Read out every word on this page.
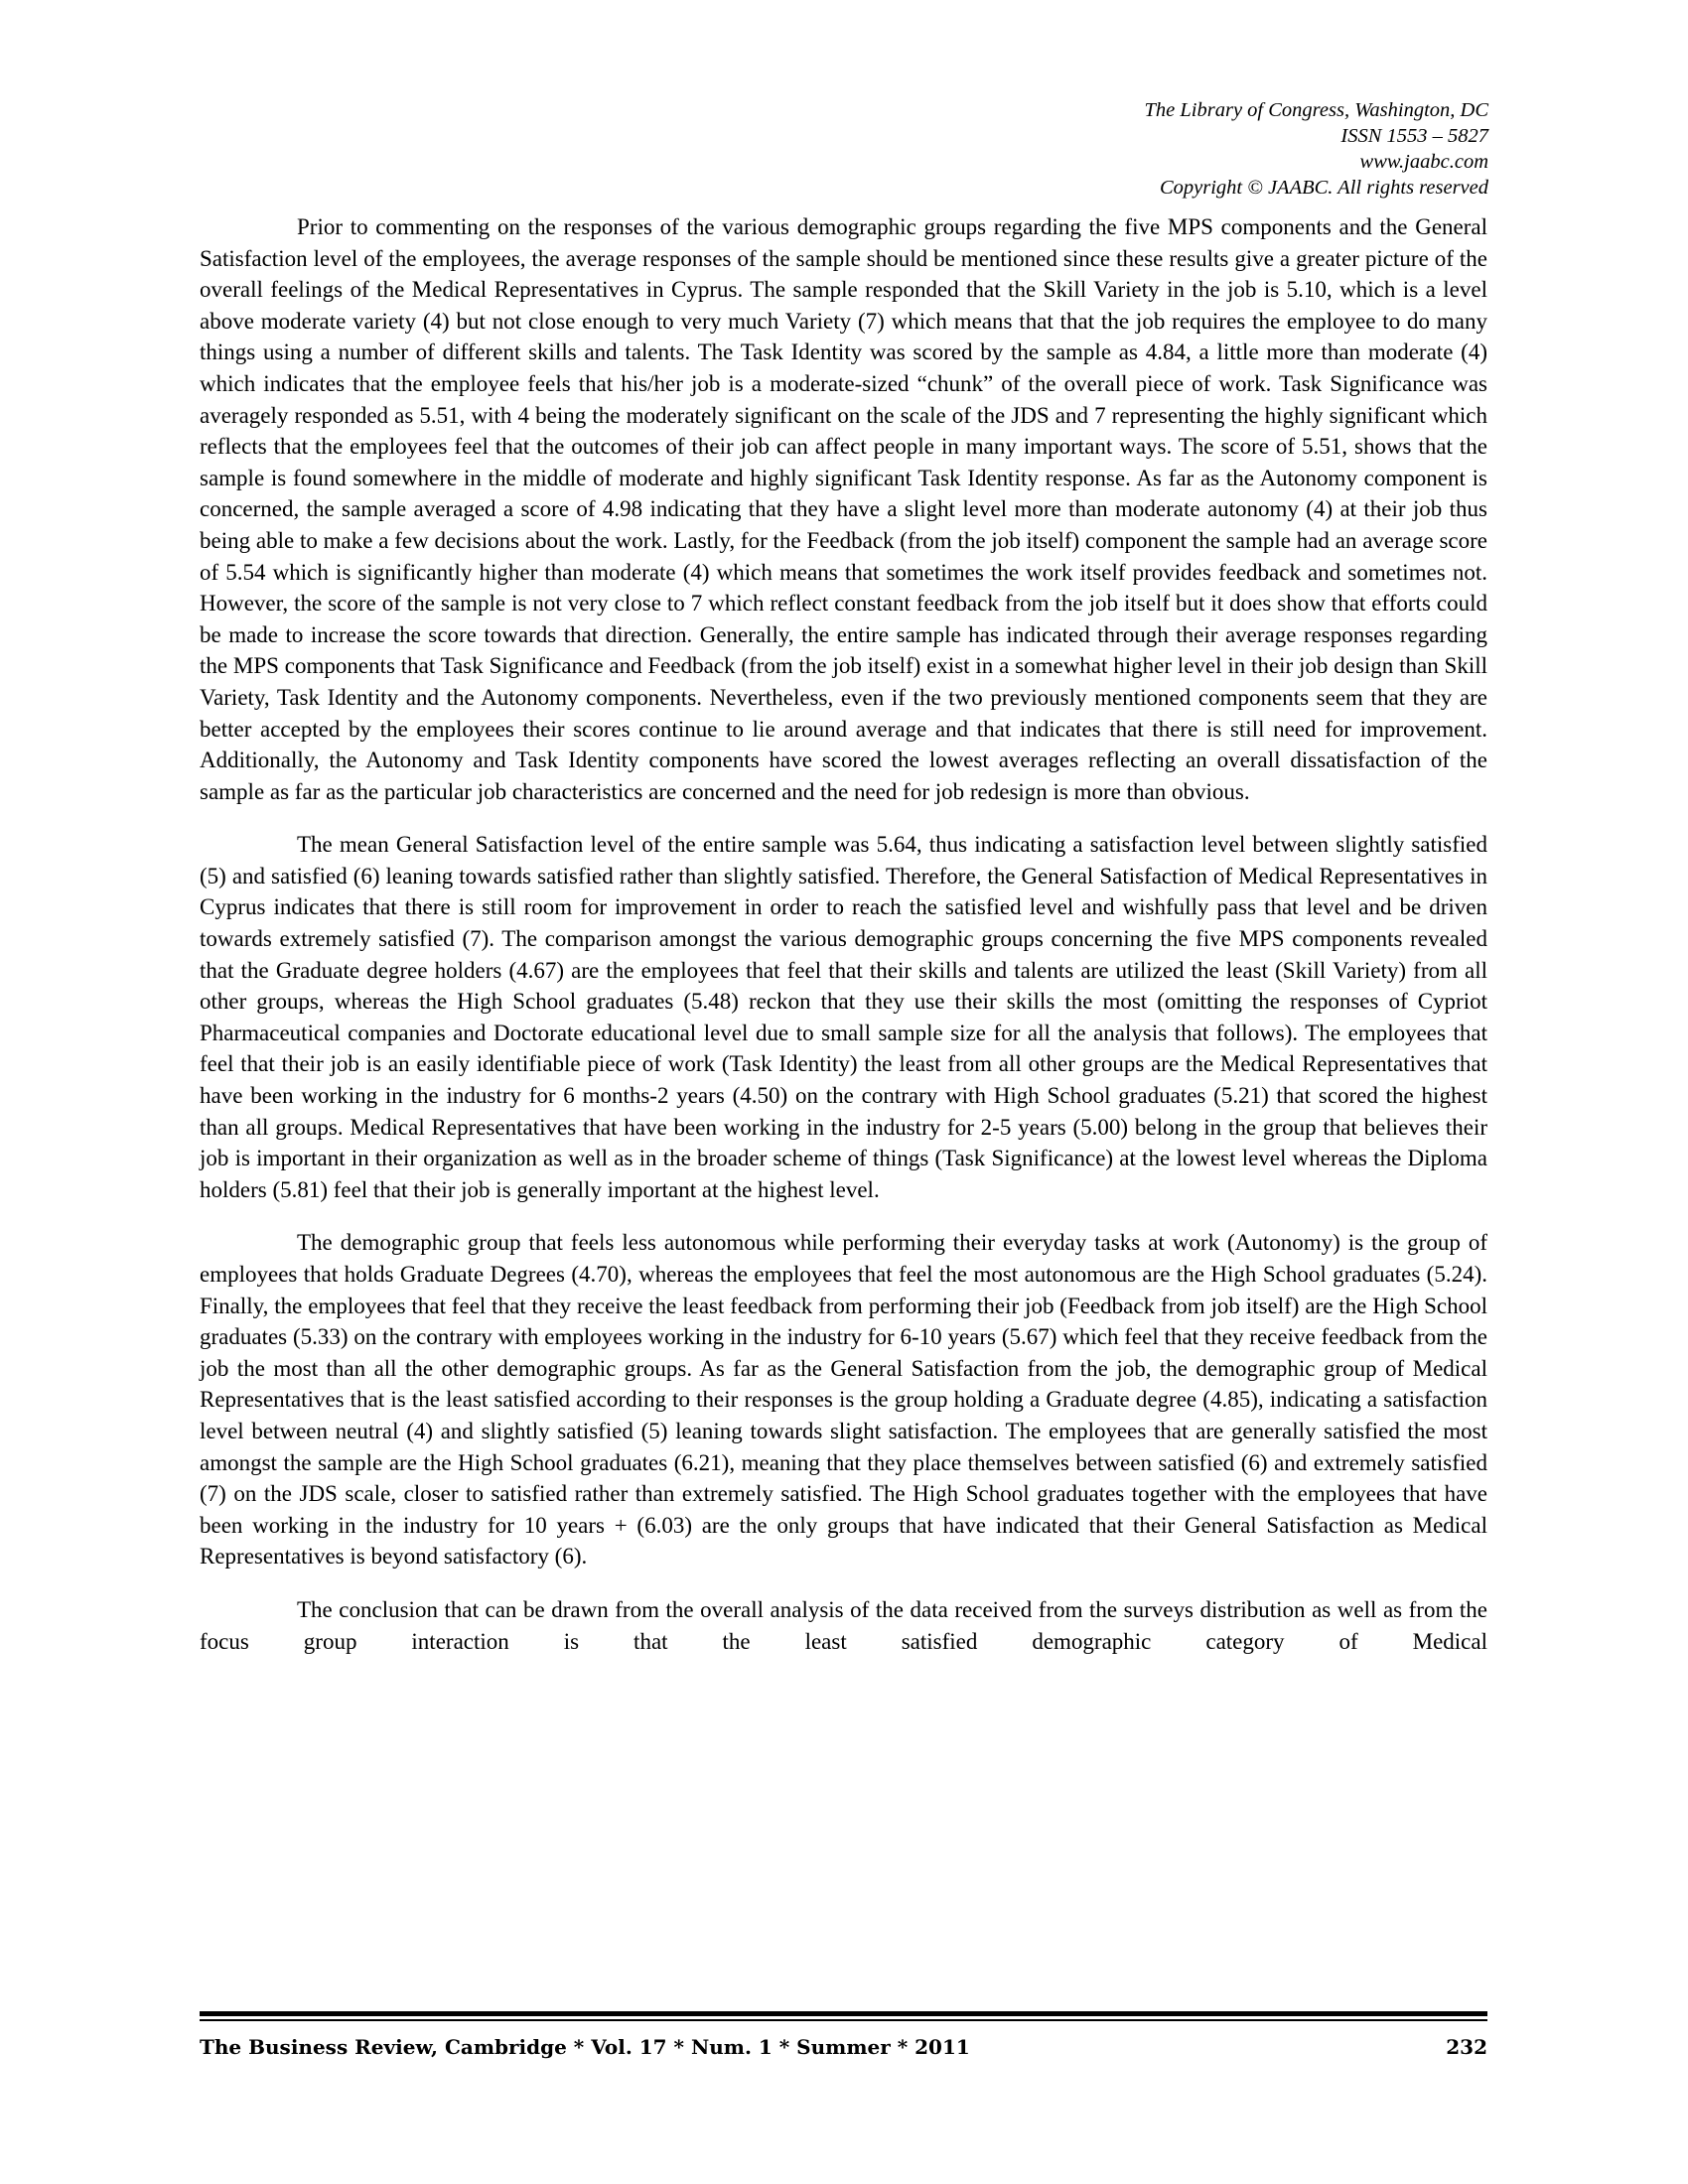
The Library of Congress, Washington, DC
ISSN 1553 – 5827
www.jaabc.com
Copyright © JAABC. All rights reserved

Prior to commenting on the responses of the various demographic groups regarding the five MPS components and the General Satisfaction level of the employees, the average responses of the sample should be mentioned since these results give a greater picture of the overall feelings of the Medical Representatives in Cyprus. The sample responded that the Skill Variety in the job is 5.10, which is a level above moderate variety (4) but not close enough to very much Variety (7) which means that that the job requires the employee to do many things using a number of different skills and talents. The Task Identity was scored by the sample as 4.84, a little more than moderate (4) which indicates that the employee feels that his/her job is a moderate-sized “chunk” of the overall piece of work. Task Significance was averagely responded as 5.51, with 4 being the moderately significant on the scale of the JDS and 7 representing the highly significant which reflects that the employees feel that the outcomes of their job can affect people in many important ways. The score of 5.51, shows that the sample is found somewhere in the middle of moderate and highly significant Task Identity response. As far as the Autonomy component is concerned, the sample averaged a score of 4.98 indicating that they have a slight level more than moderate autonomy (4) at their job thus being able to make a few decisions about the work. Lastly, for the Feedback (from the job itself) component the sample had an average score of 5.54 which is significantly higher than moderate (4) which means that sometimes the work itself provides feedback and sometimes not. However, the score of the sample is not very close to 7 which reflect constant feedback from the job itself but it does show that efforts could be made to increase the score towards that direction. Generally, the entire sample has indicated through their average responses regarding the MPS components that Task Significance and Feedback (from the job itself) exist in a somewhat higher level in their job design than Skill Variety, Task Identity and the Autonomy components. Nevertheless, even if the two previously mentioned components seem that they are better accepted by the employees their scores continue to lie around average and that indicates that there is still need for improvement. Additionally, the Autonomy and Task Identity components have scored the lowest averages reflecting an overall dissatisfaction of the sample as far as the particular job characteristics are concerned and the need for job redesign is more than obvious.

The mean General Satisfaction level of the entire sample was 5.64, thus indicating a satisfaction level between slightly satisfied (5) and satisfied (6) leaning towards satisfied rather than slightly satisfied. Therefore, the General Satisfaction of Medical Representatives in Cyprus indicates that there is still room for improvement in order to reach the satisfied level and wishfully pass that level and be driven towards extremely satisfied (7). The comparison amongst the various demographic groups concerning the five MPS components revealed that the Graduate degree holders (4.67) are the employees that feel that their skills and talents are utilized the least (Skill Variety) from all other groups, whereas the High School graduates (5.48) reckon that they use their skills the most (omitting the responses of Cypriot Pharmaceutical companies and Doctorate educational level due to small sample size for all the analysis that follows). The employees that feel that their job is an easily identifiable piece of work (Task Identity) the least from all other groups are the Medical Representatives that have been working in the industry for 6 months-2 years (4.50) on the contrary with High School graduates (5.21) that scored the highest than all groups. Medical Representatives that have been working in the industry for 2-5 years (5.00) belong in the group that believes their job is important in their organization as well as in the broader scheme of things (Task Significance) at the lowest level whereas the Diploma holders (5.81) feel that their job is generally important at the highest level.

The demographic group that feels less autonomous while performing their everyday tasks at work (Autonomy) is the group of employees that holds Graduate Degrees (4.70), whereas the employees that feel the most autonomous are the High School graduates (5.24). Finally, the employees that feel that they receive the least feedback from performing their job (Feedback from job itself) are the High School graduates (5.33) on the contrary with employees working in the industry for 6-10 years (5.67) which feel that they receive feedback from the job the most than all the other demographic groups. As far as the General Satisfaction from the job, the demographic group of Medical Representatives that is the least satisfied according to their responses is the group holding a Graduate degree (4.85), indicating a satisfaction level between neutral (4) and slightly satisfied (5) leaning towards slight satisfaction. The employees that are generally satisfied the most amongst the sample are the High School graduates (6.21), meaning that they place themselves between satisfied (6) and extremely satisfied (7) on the JDS scale, closer to satisfied rather than extremely satisfied. The High School graduates together with the employees that have been working in the industry for 10 years + (6.03) are the only groups that have indicated that their General Satisfaction as Medical Representatives is beyond satisfactory (6).

The conclusion that can be drawn from the overall analysis of the data received from the surveys distribution as well as from the focus group interaction is that the least satisfied demographic category of Medical

The Business Review, Cambridge * Vol. 17 * Num. 1 * Summer * 2011	232
